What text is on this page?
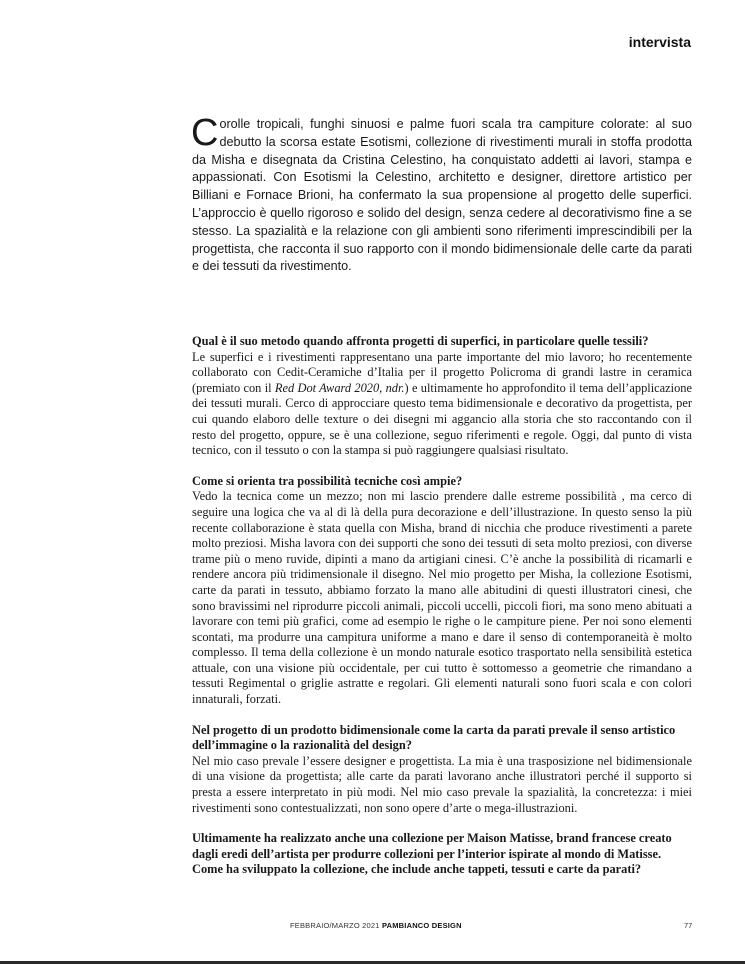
intervista

Corolle tropicali, funghi sinuosi e palme fuori scala tra campiture colorate: al suo debutto la scorsa estate Esotismi, collezione di rivestimenti murali in stoffa prodotta da Misha e disegnata da Cristina Celestino, ha conquistato addetti ai lavori, stampa e appassionati. Con Esotismi la Celestino, architetto e designer, direttore artistico per Billiani e Fornace Brioni, ha confermato la sua propensione al progetto delle superfici. L’approccio è quello rigoroso e solido del design, senza cedere al decorativismo fine a se stesso. La spazialità e la relazione con gli ambienti sono riferimenti imprescindibili per la progettista, che racconta il suo rapporto con il mondo bidimensionale delle carte da parati e dei tessuti da rivestimento.

Qual è il suo metodo quando affronta progetti di superfici, in particolare quelle tessili?

Le superfici e i rivestimenti rappresentano una parte importante del mio lavoro; ho recentemente collaborato con Cedit-Ceramiche d’Italia per il progetto Policroma di grandi lastre in ceramica (premiato con il Red Dot Award 2020, ndr.) e ultimamente ho approfondito il tema dell’applicazione dei tessuti murali. Cerco di approcciare questo tema bidimensionale e decorativo da progettista, per cui quando elaboro delle texture o dei disegni mi aggancio alla storia che sto raccontando con il resto del progetto, oppure, se è una collezione, seguo riferimenti e regole. Oggi, dal punto di vista tecnico, con il tessuto o con la stampa si può raggiungere qualsiasi risultato.

Come si orienta tra possibilità tecniche così ampie?

Vedo la tecnica come un mezzo; non mi lascio prendere dalle estreme possibilità , ma cerco di seguire una logica che va al di là della pura decorazione e dell’illustrazione. In questo senso la più recente collaborazione è stata quella con Misha, brand di nicchia che produce rivestimenti a parete molto preziosi. Misha lavora con dei supporti che sono dei tessuti di seta molto preziosi, con diverse trame più o meno ruvide, dipinti a mano da artigiani cinesi. C’è anche la possibilità di ricamarli e rendere ancora più tridimensionale il disegno. Nel mio progetto per Misha, la collezione Esotismi, carte da parati in tessuto, abbiamo forzato la mano alle abitudini di questi illustratori cinesi, che sono bravissimi nel riprodurre piccoli animali, piccoli uccelli, piccoli fiori, ma sono meno abituati a lavorare con temi più grafici, come ad esempio le righe o le campiture piene. Per noi sono elementi scontati, ma produrre una campitura uniforme a mano e dare il senso di contemporaneità è molto complesso. Il tema della collezione è un mondo naturale esotico trasportato nella sensibilità estetica attuale, con una visione più occidentale, per cui tutto è sottomesso a geometrie che rimandano a tessuti Regimental o griglie astratte e regolari. Gli elementi naturali sono fuori scala e con colori innaturali, forzati.

Nel progetto di un prodotto bidimensionale come la carta da parati prevale il senso artistico dell’immagine o la razionalità del design?

Nel mio caso prevale l’essere designer e progettista. La mia è una trasposizione nel bidimensionale di una visione da progettista; alle carte da parati lavorano anche illustratori perché il supporto si presta a essere interpretato in più modi. Nel mio caso prevale la spazialità, la concretezza: i miei rivestimenti sono contestualizzati, non sono opere d’arte o mega-illustrazioni.

Ultimamente ha realizzato anche una collezione per Maison Matisse, brand francese creato dagli eredi dell’artista per produrre collezioni per l’interior ispirate al mondo di Matisse. Come ha sviluppato la collezione, che include anche tappeti, tessuti e carte da parati?

FEBBRAIO/MARZO 2021 PAMBIANCO DESIGN	77
